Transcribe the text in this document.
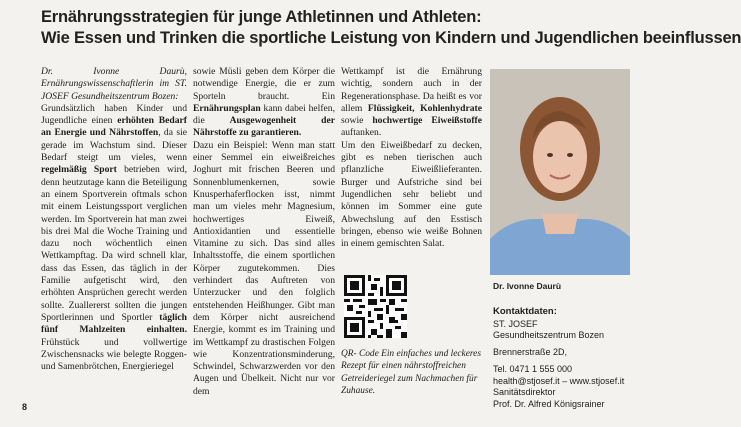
Ernährungsstrategien für junge Athletinnen und Athleten:
Wie Essen und Trinken die sportliche Leistung von Kindern und Jugendlichen beeinflussen

Dr. Ivonne Daurù, Ernährungswissenschaftlerin im ST. JOSEF Gesundheitszentrum Bozen:

Grundsätzlich haben Kinder und Jugendliche einen erhöhten Bedarf an Energie und Nährstoffen, da sie gerade im Wachstum sind. Dieser Bedarf steigt um vieles, wenn regelmäßig Sport betrieben wird, denn heutzutage kann die Beteiligung an einem Sportverein oftmals schon mit einem Leistungssport verglichen werden. Im Sportverein hat man zwei bis drei Mal die Woche Training und dazu noch wöchentlich einen Wettkampftag. Da wird schnell klar, dass das Essen, das täglich in der Familie aufgetischt wird, den erhöhten Ansprüchen gerecht werden sollte. Zuallererst sollten die jungen Sportlerinnen und Sportler täglich fünf Mahlzeiten einhalten. Frühstück und vollwertige Zwischensnacks wie belegte Roggen- und Samenbrötchen, Energieriegel

sowie Müsli geben dem Körper die notwendige Energie, die er zum Sporteln braucht. Ein Ernährungsplan kann dabei helfen, die Ausgewogenheit der Nährstoffe zu garantieren.

Dazu ein Beispiel: Wenn man statt einer Semmel ein eiweißreiches Joghurt mit frischen Beeren und Sonnenblumenkernen, sowie Knusperhaferflocken isst, nimmt man um vieles mehr Magnesium, hochwertiges Eiweiß, Antioxidantien und essentielle Vitamine zu sich. Das sind alles Inhaltsstoffe, die einem sportlichen Körper zugutekommen. Dies verhindert das Auftreten von Unterzucker und den folglich entstehenden Heißhunger. Gibt man dem Körper nicht ausreichend Energie, kommt es im Training und im Wettkampf zu drastischen Folgen wie Konzentrationsminderung, Schwindel, Schwarzwerden vor den Augen und Übelkeit. Nicht nur vor dem

Wettkampf ist die Ernährung wichtig, sondern auch in der Regenerationsphase. Da heißt es vor allem Flüssigkeit, Kohlenhydrate sowie hochwertige Eiweißstoffe auftanken.

Um den Eiweißbedarf zu decken, gibt es neben tierischen auch pflanzliche Eiweißlieferanten. Burger und Aufstriche sind bei Jugendlichen sehr beliebt und können im Sommer eine gute Abwechslung auf den Esstisch bringen, ebenso wie weiße Bohnen in einem gemischten Salat.

Dr. Ivonne Daurù
QR- Code Ein einfaches und leckeres Rezept für einen nährstoffreichen Getreideriegel zum Nachmachen für Zuhause.
Kontaktdaten:
ST. JOSEF
Gesundheitszentrum Bozen
Brennerstraße 2D,
Tel. 0471 1 555 000
health@stjosef.it – www.stjosef.it
Sanitätsdirektor
Prof. Dr. Alfred Königsrainer
8
